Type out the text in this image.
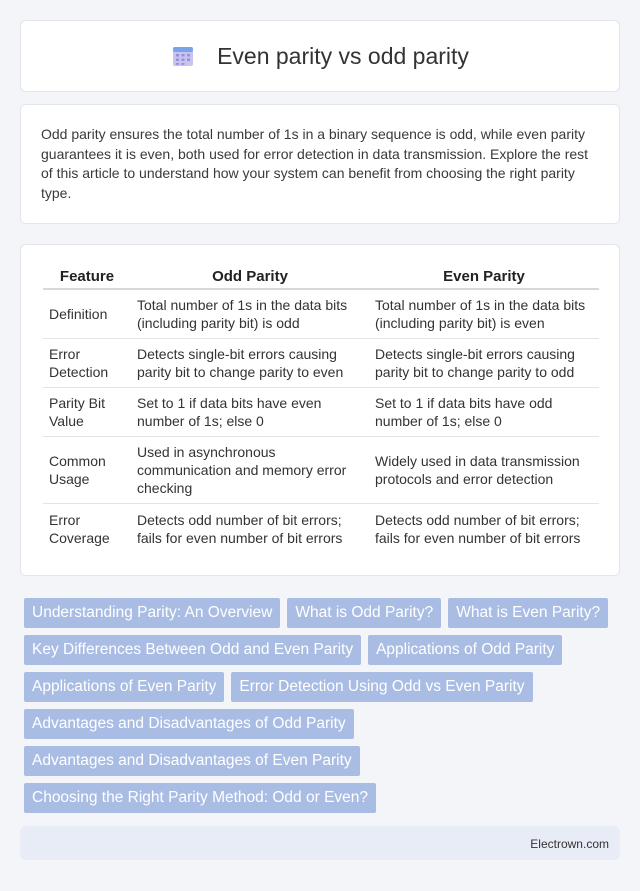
Even parity vs odd parity

Odd parity ensures the total number of 1s in a binary sequence is odd, while even parity guarantees it is even, both used for error detection in data transmission. Explore the rest of this article to understand how your system can benefit from choosing the right parity type.

Feature	Odd Parity	Even Parity
Definition	Total number of 1s in the data bits (including parity bit) is odd	Total number of 1s in the data bits (including parity bit) is even
Error Detection	Detects single-bit errors causing parity bit to change parity to even	Detects single-bit errors causing parity bit to change parity to odd
Parity Bit Value	Set to 1 if data bits have even number of 1s; else 0	Set to 1 if data bits have odd number of 1s; else 0
Common Usage	Used in asynchronous communication and memory error checking	Widely used in data transmission protocols and error detection
Error Coverage	Detects odd number of bit errors; fails for even number of bit errors	Detects odd number of bit errors; fails for even number of bit errors
Understanding Parity: An Overview	What is Odd Parity?	What is Even Parity?
Key Differences Between Odd and Even Parity	Applications of Odd Parity
Applications of Even Parity	Error Detection Using Odd vs Even Parity
Advantages and Disadvantages of Odd Parity
Advantages and Disadvantages of Even Parity
Choosing the Right Parity Method: Odd or Even?
Electrown.com
